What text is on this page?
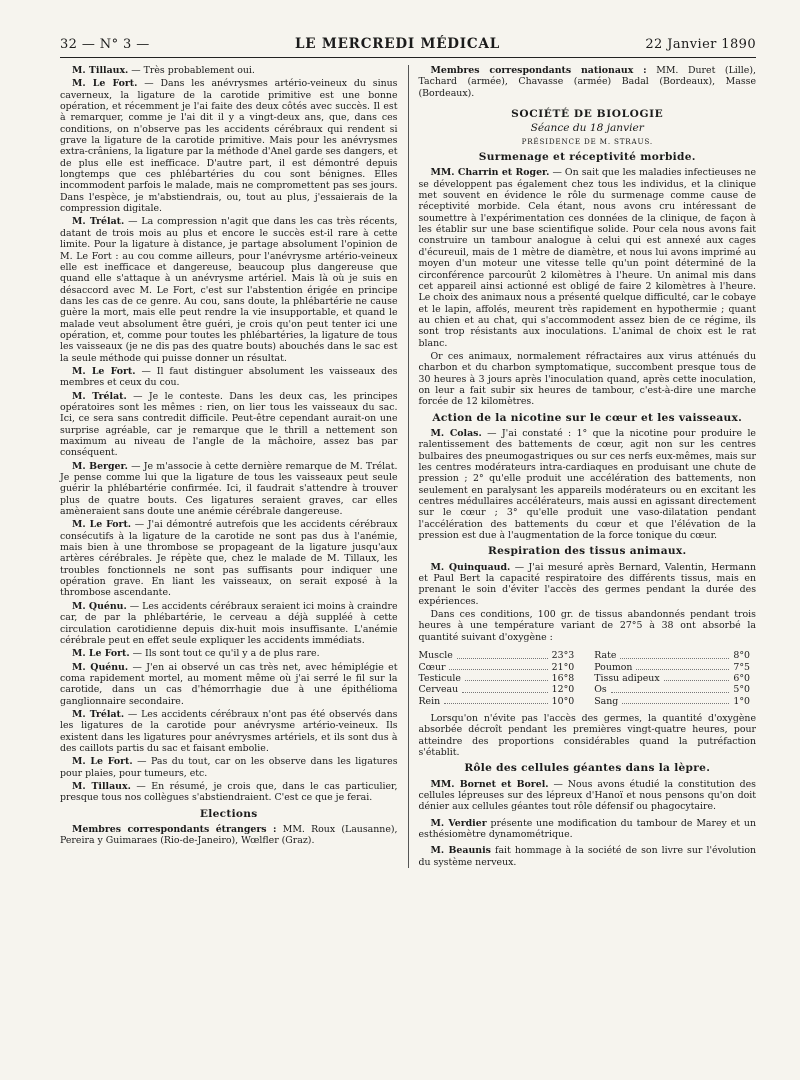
32 — N° 3 —	LE MERCREDI MÉDICAL	22 Janvier 1890

M. Tillaux. — Très probablement oui.

M. Le Fort. — Dans les anévrysmes artério-veineux du sinus caverneux, la ligature de la carotide primitive est une bonne opération, et récemment je l'ai faite des deux côtés avec succès. Il est à remarquer, comme je l'ai dit il y a vingt-deux ans, que, dans ces conditions, on n'observe pas les accidents cérébraux qui rendent si grave la ligature de la carotide primitive. Mais pour les anévrysmes extra-crâniens, la ligature par la méthode d'Anel garde ses dangers, et de plus elle est inefficace. D'autre part, il est démontré depuis longtemps que ces phlébartéries du cou sont bénignes. Elles incommodent parfois le malade, mais ne compromettent pas ses jours. Dans l'espèce, je m'abstiendrais, ou, tout au plus, j'essaierais de la compression digitale.

M. Trélat. — La compression n'agit que dans les cas très récents, datant de trois mois au plus et encore le succès est-il rare à cette limite. Pour la ligature à distance, je partage absolument l'opinion de M. Le Fort : au cou comme ailleurs, pour l'anévrysme artério-veineux elle est inefficace et dangereuse, beaucoup plus dangereuse que quand elle s'attaque à un anévrysme artériel. Mais là où je suis en désaccord avec M. Le Fort, c'est sur l'abstention érigée en principe dans les cas de ce genre. Au cou, sans doute, la phlébartérie ne cause guère la mort, mais elle peut rendre la vie insupportable, et quand le malade veut absolument être guéri, je crois qu'on peut tenter ici une opération, et, comme pour toutes les phlébartéries, la ligature de tous les vaisseaux (je ne dis pas des quatre bouts) abouchés dans le sac est la seule méthode qui puisse donner un résultat.

M. Le Fort. — Il faut distinguer absolument les vaisseaux des membres et ceux du cou.

M. Trélat. — Je le conteste. Dans les deux cas, les principes opératoires sont les mêmes : rien, on lier tous les vaisseaux du sac. Ici, ce sera sans contredit difficile. Peut-être cependant aurait-on une surprise agréable, car je remarque que le thrill a nettement son maximum au niveau de l'angle de la mâchoire, assez bas par conséquent.

M. Berger. — Je m'associe à cette dernière remarque de M. Trélat. Je pense comme lui que la ligature de tous les vaisseaux peut seule guérir la phlébartérie confirmée. Ici, il faudrait s'attendre à trouver plus de quatre bouts. Ces ligatures seraient graves, car elles amèneraient sans doute une anémie cérébrale dangereuse.

M. Le Fort. — J'ai démontré autrefois que les accidents cérébraux consécutifs à la ligature de la carotide ne sont pas dus à l'anémie, mais bien à une thrombose se propageant de la ligature jusqu'aux artères cérébrales. Je répète que, chez le malade de M. Tillaux, les troubles fonctionnels ne sont pas suffisants pour indiquer une opération grave. En liant les vaisseaux, on serait exposé à la thrombose ascendante.

M. Quénu. — Les accidents cérébraux seraient ici moins à craindre car, de par la phlébartérie, le cerveau a déjà suppléé à cette circulation carotidienne depuis dix-huit mois insuffisante. L'anémie cérébrale peut en effet seule expliquer les accidents immédiats.

M. Le Fort. — Ils sont tout ce qu'il y a de plus rare.

M. Quénu. — J'en ai observé un cas très net, avec hémiplégie et coma rapidement mortel, au moment même où j'ai serré le fil sur la carotide, dans un cas d'hémorrhagie due à une épithélioma ganglionnaire secondaire.

M. Trélat. — Les accidents cérébraux n'ont pas été observés dans les ligatures de la carotide pour anévrysme artério-veineux. Ils existent dans les ligatures pour anévrysmes artériels, et ils sont dus à des caillots partis du sac et faisant embolie.

M. Le Fort. — Pas du tout, car on les observe dans les ligatures pour plaies, pour tumeurs, etc.

M. Tillaux. — En résumé, je crois que, dans le cas particulier, presque tous nos collègues s'abstiendraient. C'est ce que je ferai.

Elections

Membres correspondants étrangers : MM. Roux (Lausanne), Pereira y Guimaraes (Rio-de-Janeiro), Wœlfler (Graz).

Membres correspondants nationaux : MM. Duret (Lille), Tachard (armée), Chavasse (armée) Badal (Bordeaux), Masse (Bordeaux).

SOCIÉTÉ DE BIOLOGIE
Séance du 18 janvier
PRÉSIDENCE DE M. STRAUS.
Surmenage et réceptivité morbide.

MM. Charrin et Roger. — On sait que les maladies infectieuses ne se développent pas également chez tous les individus, et la clinique met souvent en évidence le rôle du surmenage comme cause de réceptivité morbide. Cela étant, nous avons cru intéressant de soumettre à l'expérimentation ces données de la clinique, de façon à les établir sur une base scientifique solide. Pour cela nous avons fait construire un tambour analogue à celui qui est annexé aux cages d'écureuil, mais de 1 mètre de diamètre, et nous lui avons imprimé au moyen d'un moteur une vitesse telle qu'un point déterminé de la circonférence parcourût 2 kilomètres à l'heure. Un animal mis dans cet appareil ainsi actionné est obligé de faire 2 kilomètres à l'heure. Le choix des animaux nous a présenté quelque difficulté, car le cobaye et le lapin, affolés, meurent très rapidement en hypothermie ; quant au chien et au chat, qui s'accommodent assez bien de ce régime, ils sont trop résistants aux inoculations. L'animal de choix est le rat blanc.

Or ces animaux, normalement réfractaires aux virus atténués du charbon et du charbon symptomatique, succombent presque tous de 30 heures à 3 jours après l'inoculation quand, après cette inoculation, on leur a fait subir six heures de tambour, c'est-à-dire une marche forcée de 12 kilomètres.

Action de la nicotine sur le cœur et les vaisseaux.

M. Colas. — J'ai constaté : 1° que la nicotine pour produire le ralentissement des battements de cœur, agit non sur les centres bulbaires des pneumogastriques ou sur ces nerfs eux-mêmes, mais sur les centres modérateurs intra-cardiaques en produisant une chute de pression ; 2° qu'elle produit une accélération des battements, non seulement en paralysant les appareils modérateurs ou en excitant les centres médullaires accélérateurs, mais aussi en agissant directement sur le cœur ; 3° qu'elle produit une vaso-dilatation pendant l'accélération des battements du cœur et que l'élévation de la pression est due à l'augmentation de la force tonique du cœur.

Respiration des tissus animaux.

M. Quinquaud. — J'ai mesuré après Bernard, Valentin, Hermann et Paul Bert la capacité respiratoire des différents tissus, mais en prenant le soin d'éviter l'accès des germes pendant la durée des expériences.

Dans ces conditions, 100 gr. de tissus abandonnés pendant trois heures à une température variant de 27°5 à 38 ont absorbé la quantité suivant d'oxygène :

Muscle	23°3
Cœur	21°0
Testicule	16°8
Cerveau	12°0
Rein	10°0
Rate	8°0
Poumon	7°5
Tissu adipeux	6°0
Os	5°0
Sang	1°0

Lorsqu'on n'évite pas l'accès des germes, la quantité d'oxygène absorbée décroît pendant les premières vingt-quatre heures, pour atteindre des proportions considérables quand la putréfaction s'établit.

Rôle des cellules géantes dans la lèpre.

MM. Bornet et Borel. — Nous avons étudié la constitution des cellules lépreuses sur des lépreux d'Hanoï et nous pensons qu'on doit dénier aux cellules géantes tout rôle défensif ou phagocytaire.

M. Verdier présente une modification du tambour de Marey et un esthésiomètre dynamométrique.

M. Beaunis fait hommage à la société de son livre sur l'évolution du système nerveux.
